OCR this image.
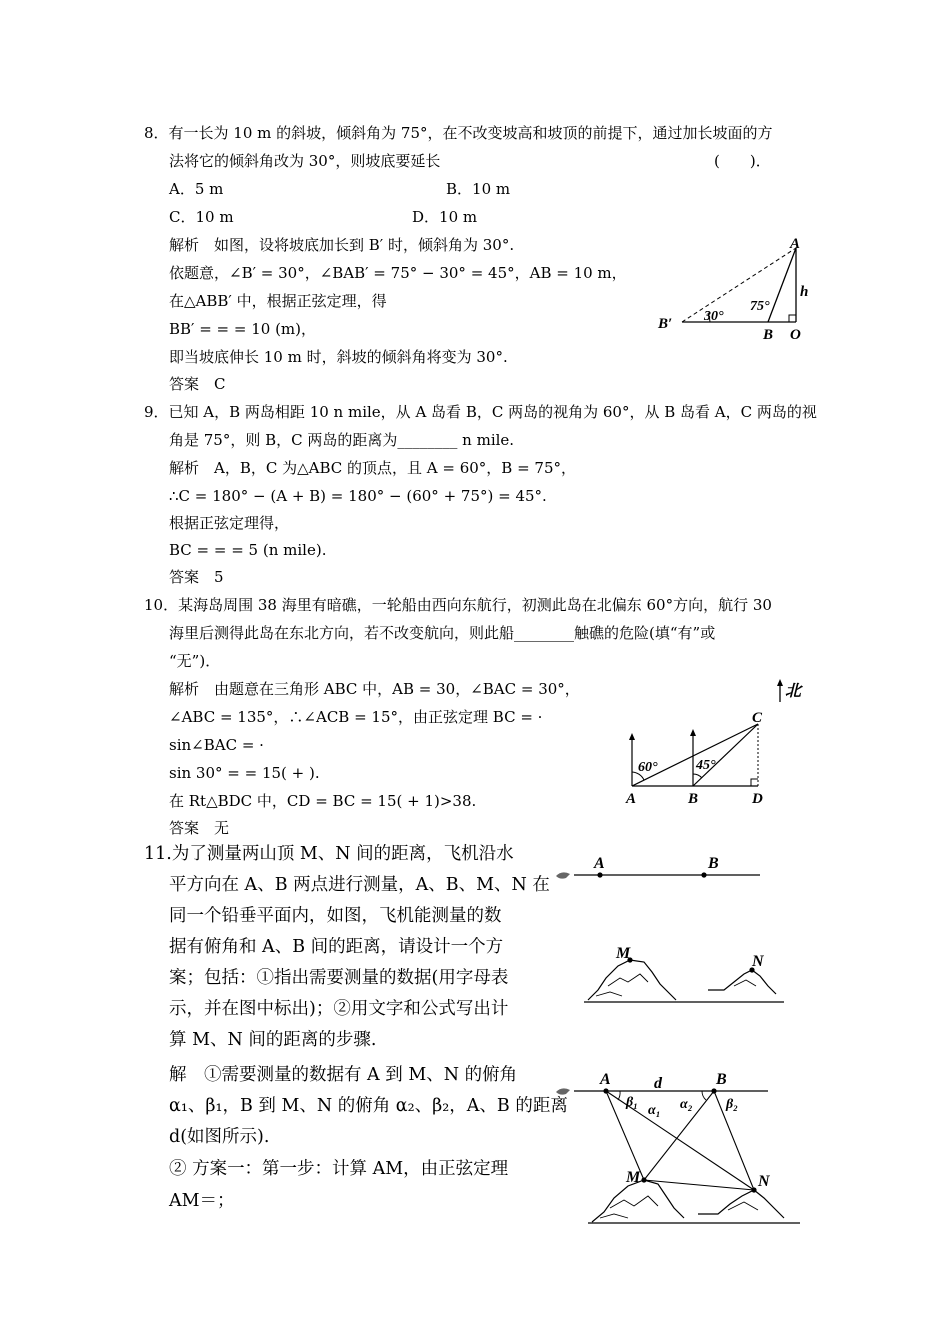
8．有一长为 10 m 的斜坡，倾斜角为 75°，在不改变坡高和坡顶的前提下，通过加长坡面的方
法将它的倾斜角改为 30°，则坡底要延长	(　　)．
A．5 m	B．10 m
C．10 m	D．10 m
解析　如图，设将坡底加长到 B′ 时，倾斜角为 30°.
依题意，∠B′ = 30°，∠BAB′ = 75° − 30° = 45°，AB = 10 m，
在△ABB′ 中，根据正弦定理，得
BB′ = = = 10 (m)，
即当坡底伸长 10 m 时，斜坡的倾斜角将变为 30°.
答案　C
A
B O
B′
h
30°
75°
9．已知 A，B 两岛相距 10 n mile，从 A 岛看 B，C 两岛的视角为 60°，从 B 岛看 A，C 两岛的视
角是 75°，则 B，C 两岛的距离为________ n mile.
解析　A，B，C 为△ABC 的顶点，且 A = 60°，B = 75°，
∴C = 180° − (A + B) = 180° − (60° + 75°) = 45°.
根据正弦定理得，
BC = = = 5 (n mile).
答案　5
10．某海岛周围 38 海里有暗礁，一轮船由西向东航行，初测此岛在北偏东 60°方向，航行 30
海里后测得此岛在东北方向，若不改变航向，则此船________触礁的危险(填“有”或
“无”)．
解析　由题意在三角形 ABC 中，AB = 30，∠BAC = 30°，
∠ABC = 135°，∴∠ACB = 15°，由正弦定理 BC = ·
sin∠BAC = ·
sin 30° = = 15( + ).
在 Rt△BDC 中，CD = BC = 15( + 1)>38.
答案　无
北
60°	45°
A	B
C
D
11.为了测量两山顶 M、N 间的距离，飞机沿水
平方向在 A、B 两点进行测量，A、B、M、N 在
同一个铅垂平面内，如图，飞机能测量的数
据有俯角和 A、B 间的距离，请设计一个方
案；包括：①指出需要测量的数据(用字母表
示，并在图中标出)；②用文字和公式写出计
算 M、N 间的距离的步骤.
解　①需要测量的数据有 A 到 M、N 的俯角
α₁、β₁，B 到 M、N 的俯角 α₂、β₂，A、B 的距离
d(如图所示).
② 方案一：第一步：计算 AM，由正弦定理
AM＝；
A	B
M	N
A	B
d
β₁
α₁ α₂ β₂
M	N
